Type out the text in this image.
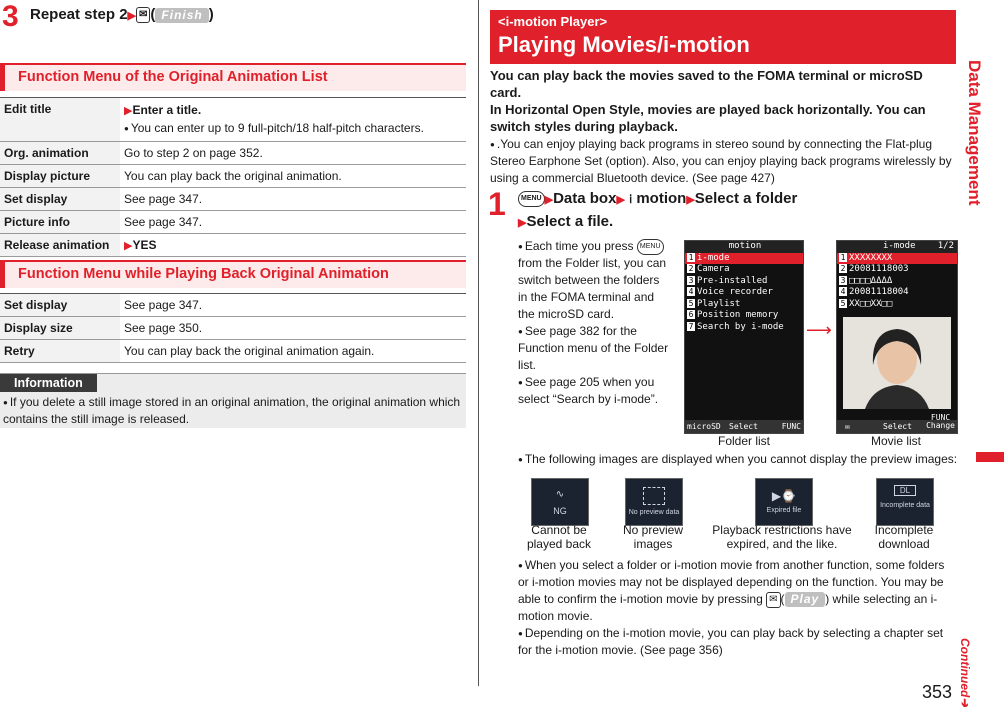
3 Repeat step 2▶ ✉ ( Finish )
Function Menu of the Original Animation List
Edit title	▶Enter a title.
● You can enter up to 9 full-pitch/18 half-pitch characters.
Org. animation	Go to step 2 on page 352.
Display picture	You can play back the original animation.
Set display	See page 347.
Picture info	See page 347.
Release animation	▶YES
Function Menu while Playing Back Original Animation
Set display	See page 347.
Display size	See page 350.
Retry	You can play back the original animation again.
Information
● If you delete a still image stored in an original animation, the original animation which contains the still image is released.
<i-motion Player>
Playing Movies/i-motion
You can play back the movies saved to the FOMA terminal or microSD card.
In Horizontal Open Style, movies are played back horizontally. You can switch styles during playback.
● .You can enjoy playing back programs in stereo sound by connecting the Flat-plug Stereo Earphone Set (option). Also, you can enjoy playing back programs wirelessly by using a commercial Bluetooth device. (See page 427)
1	MENU ▶Data box▶ ⅰ motion▶Select a folder
▶Select a file.
● Each time you press MENU from the Folder list, you can switch between the folders in the FOMA terminal and the microSD card.
● See page 382 for the Function menu of the Folder list.
● See page 205 when you select “Search by i-mode”.
motion
1 i-mode
2 Camera
3 Pre-installed
4 Voice recorder
5 Playlist
6 Position memory
7 Search by i-mode
microSD Select	FUNC
Folder list
⟶
i-mode 1/2
1 XXXXXXXX
2 20081118003
3 □□□□ΔΔΔΔ
4 20081118004
5 XX□□XX□□
✉	Select
FUNC
Change
Movie list
● The following images are displayed when you cannot display the preview images:
∿
NG
Cannot be
played back
No preview data
No preview
images
▶⌚
Expired file
Playback restrictions have
expired, and the like.
DL
Incomplete data
Incomplete
download
● When you select a folder or i-motion movie from another function, some folders or i-motion movies may not be displayed depending on the function. You may be able to confirm the i-motion movie by pressing ✉ ( Play ) while selecting an i-motion movie.
● Depending on the i-motion movie, you can play back by selecting a chapter set for the i-motion movie. (See page 356)
Data Management
Continued➔
353
